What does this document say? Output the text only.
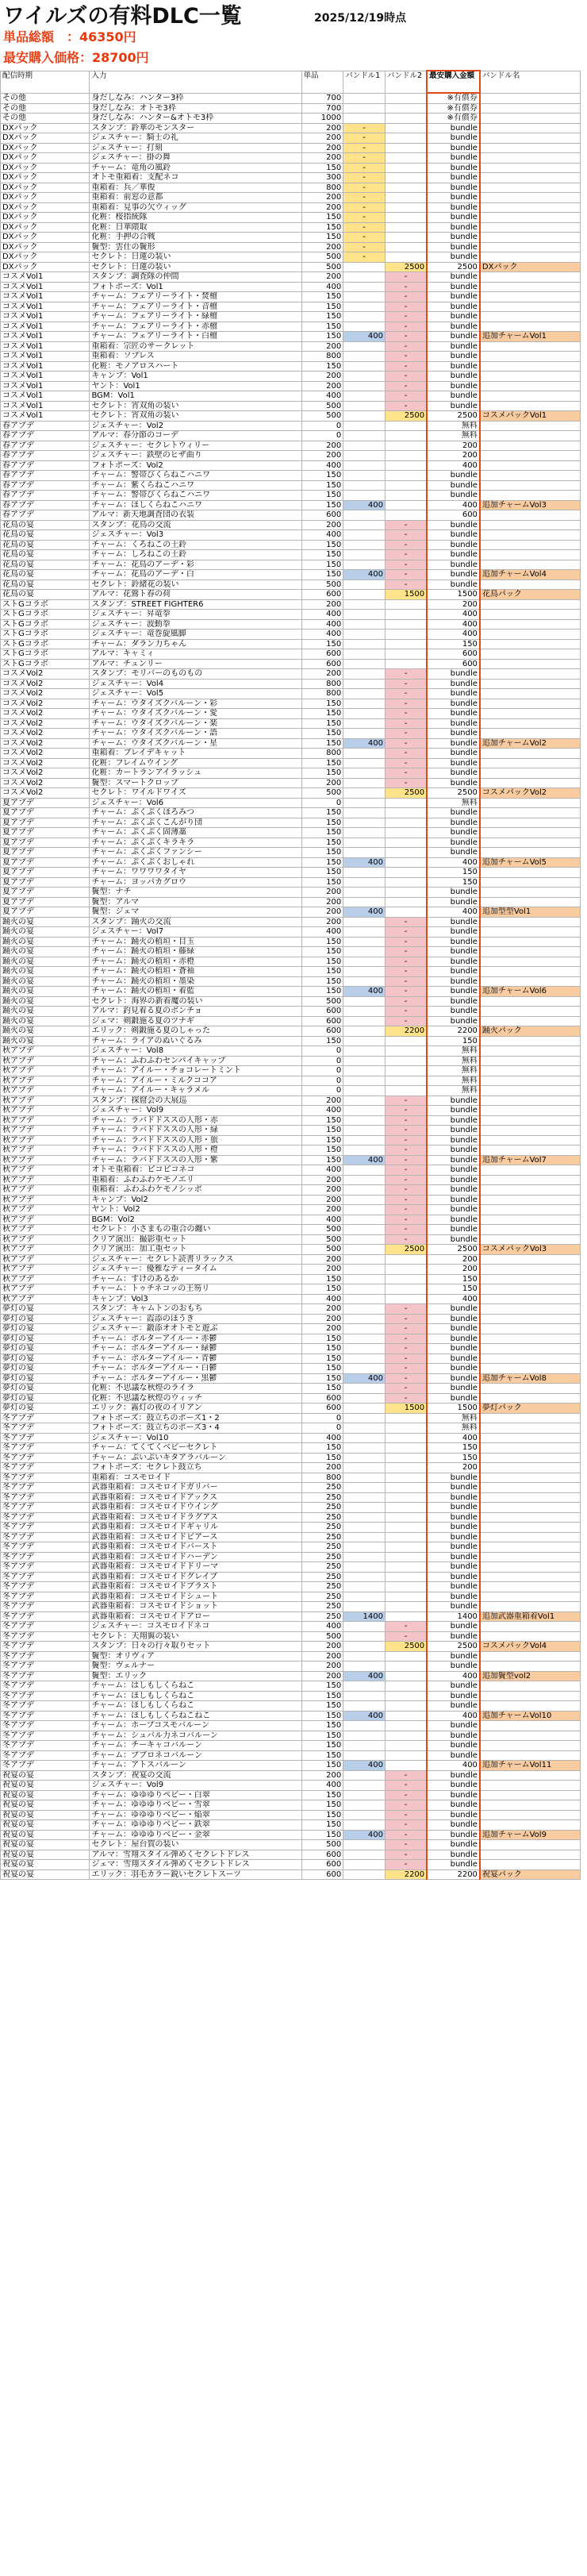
ワイルズの有料DLC一覧	2025/12/19時点
単品総額　：46350円
最安購入価格：28700円
配信時期	入力	単品	パンドル1	パンドル2	最安購入金額	バンドル名
その他	身だしなみ：ハンター3枠	700			※有償券	
その他	身だしなみ：オトモ3枠	700			※有償券	
その他	身だしなみ：ハンター&オトモ3枠	1000			※有償券	
DXパック	スタンプ：鈴華のモンスター	200	-		bundle	
DXパック	ジェスチャー：騎士の礼	200	-		bundle	
DXパック	ジェスチャー：打刻	200	-		bundle	
DXパック	ジェスチャー：掛の舞	200	-		bundle	
DXパック	チャーム：竜角の風鈴	150	-		bundle	
DXパック	オトモ重箱着：支配ネコ	300	-		bundle	
DXパック	重箱着：兵／華俊	800	-		bundle	
DXパック	重箱着：前窓の意都	200	-		bundle	
DXパック	重箱着：見事の欠ウィッグ	200	-		bundle	
DXパック	化粧：桜指統隊	150	-		bundle	
DXパック	化粧：日華隈取	150	-		bundle	
DXパック	化粧：手押の合戦	150	-		bundle	
DXパック	鬢型：雲仕の鬢形	200	-		bundle	
DXパック	セクレト：日蓮の装い	500	-		bundle	
DXパック	セクレト：日蓮の装い	500		2500	2500	DXパック
コスメVol1	スタンプ：調査隊の仲間	200		-	bundle	
コスメVol1	フォトポーズ：Vol1	400		-	bundle	
コスメVol1	チャーム：フェアリーライト・焚檀	150		-	bundle	
コスメVol1	チャーム：フェアリーライト・音檀	150		-	bundle	
コスメVol1	チャーム：フェアリーライト・緑檀	150		-	bundle	
コスメVol1	チャーム：フェアリーライト・赤檀	150		-	bundle	
コスメVol1	チャーム：フェアリーライト・白檀	150	400	-	bundle	追加チャームVol1
コスメVol1	重箱着：宗匠のサークレット	200		-	bundle	
コスメVol1	重箱着：ソプレス	800		-	bundle	
コスメVol1	化粧：モノアロスハート	150		-	bundle	
コスメVol1	キャンプ：Vol1	200		-	bundle	
コスメVol1	ヤント：Vol1	200		-	bundle	
コスメVol1	BGM：Vol1	400		-	bundle	
コスメVol1	セクレト：宵双角の装い	500		-	bundle	
コスメVol1	セクレト：宵双角の装い	500		2500	2500	コスメパックVol1
春アプデ	ジェスチャー：Vol2	0			無料	
春アプデ	アルマ：春分節のコーデ	0			無料	
春アプデ	ジェスチャー：セクレトウィリー	200			200	
春アプデ	ジェスチャー：鉄壁のヒザ曲り	200			200	
春アプデ	フォトポーズ：Vol2	400			400	
春アプデ	チャーム：警帯びくらねこハニワ	150			bundle	
春アプデ	チャーム：紫くらねこハニワ	150			bundle	
春アプデ	チャーム：警帯びくらねこハニワ	150			bundle	
春アプデ	チャーム：ほしくらねこハニワ	150	400		400	追加チャームVol3
春アプデ	アルマ：新天地調査団の衣装	600			600	
花鳥の宴	スタンプ：花鳥の交流	200		-	bundle	
花鳥の宴	ジェスチャー：Vol3	400		-	bundle	
花鳥の宴	チャーム：くろねこの土鈴	150		-	bundle	
花鳥の宴	チャーム：しろねこの土鈴	150		-	bundle	
花鳥の宴	チャーム：花鳥のアーデ・彩	150		-	bundle	
花鳥の宴	チャーム：花鳥のアーデ・白	150	400	-	bundle	追加チャームVol4
花鳥の宴	セクレト：鈴緒花の装い	500		-	bundle	
花鳥の宴	アルマ：花鶯ト春の荷	600		1500	1500	花鳥パック
ストGコラボ	スタンプ：STREET FIGHTER6	200			200	
ストGコラボ	ジェスチャー：昇竜拳	400			400	
ストGコラボ	ジェスチャー：波動拳	400			400	
ストGコラボ	ジェスチャー：竜巻旋風脚	400			400	
ストGコラボ	チャーム：ダラン力ちゃん	150			150	
ストGコラボ	アルマ：キャミィ	600			600	
ストGコラボ	アルマ：チュンリー	600			600	
コスメVol2	スタンプ：モリバーのものもの	200		-	bundle	
コスメVol2	ジェスチャー：Vol4	800		-	bundle	
コスメVol2	ジェスチャー：Vol5	800		-	bundle	
コスメVol2	チャーム：ウタイズクバルーン・彩	150		-	bundle	
コスメVol2	チャーム：ウタイズクバルーン・愛	150		-	bundle	
コスメVol2	チャーム：ウタイズクバルーン・楽	150		-	bundle	
コスメVol2	チャーム：ウタイズクバルーン・語	150		-	bundle	
コスメVol2	チャーム：ウタイズクバルーン・星	150	400	-	bundle	追加チャームVol2
コスメVol2	重箱着：ブレイデキャット	800		-	bundle	
コスメVol2	化粧：フレイムウイング	150		-	bundle	
コスメVol2	化粧：カートランアイラッシュ	150		-	bundle	
コスメVol2	鬢型：スマートクロップ	200		-	bundle	
コスメVol2	セクレト：ワイルドワイズ	500		2500	2500	コスメパックVol2
夏アプデ	ジェスチャー：Vol6	0			無料	
夏アプデ	チャーム：ぷくぷくほろみつ	150			bundle	
夏アプデ	チャーム：ぷくぷくこんがり団	150			bundle	
夏アプデ	チャーム：ぷくぷく固薄藁	150			bundle	
夏アプデ	チャーム：ぷくぷくキラキラ	150			bundle	
夏アプデ	チャーム：ぷくぷくファンシー	150			bundle	
夏アプデ	チャーム：ぷくぷくおしゃれ	150	400		400	追加チャームVol5
夏アプデ	チャーム：ワワワワタイヤ	150			150	
夏アプデ	チャーム：ヨッパカグロウ	150			150	
夏アプデ	鬢型：ナチ	200			bundle	
夏アプデ	鬢型：アルマ	200			bundle	
夏アプデ	鬢型：ジェマ	200	400		400	追加型型Vol1
踊火の宴	スタンプ：踊火の交流	200		-	bundle	
踊火の宴	ジェスチャー：Vol7	400		-	bundle	
踊火の宴	チャーム：踊火の植垣・目玉	150		-	bundle	
踊火の宴	チャーム：踊火の植垣・藤緑	150		-	bundle	
踊火の宴	チャーム：踊火の植垣・赤橙	150		-	bundle	
踊火の宴	チャーム：踊火の植垣・蒼袖	150		-	bundle	
踊火の宴	チャーム：踊火の植垣・墨染	150		-	bundle	
踊火の宴	チャーム：踊火の植垣・着藍	150	400	-	bundle	追加チャームVol6
踊火の宴	セクレト：海界の新着魔の装い	500		-	bundle	
踊火の宴	アルマ：釣見着る夏のボンチョ	600		-	bundle	
踊火の宴	ジェマ：剣鍛施る夏のツナギ	600		-	bundle	
踊火の宴	エリック：剣鍛施る夏のしゃった	600		2200	2200	踊火パック
踊火の宴	チャーム：ライアのぬいぐるみ	150			150	
秋アプデ	ジェスチャー：Vol8	0			無料	
秋アプデ	チャーム：ふわふわセンパイキャップ	0			無料	
秋アプデ	チャーム：アイルー・チョコレートミント	0			無料	
秋アプデ	チャーム：アイルー・ミルクココア	0			無料	
秋アプデ	チャーム：アイルー・キャラメル	0			無料	
秋アプデ	スタンプ：探窟会の大展巡	200		-	bundle	
秋アプデ	ジェスチャー：Vol9	400		-	bundle	
秋アプデ	チャーム：ラバドドススの人形・赤	150		-	bundle	
秋アプデ	チャーム：ラバドドススの人形・緑	150		-	bundle	
秋アプデ	チャーム：ラバドドススの人形・旅	150		-	bundle	
秋アプデ	チャーム：ラバドドススの人形・橙	150		-	bundle	
秋アプデ	チャーム：ラバドドススの人形・紫	150	400	-	bundle	追加チャームVol7
秋アプデ	オトモ重箱着：ピコピコネコ	400		-	bundle	
秋アプデ	重箱着：ふわふわケモノエリ	200		-	bundle	
秋アプデ	重箱着：ふわふわケモノシッポ	200		-	bundle	
秋アプデ	キャンプ：Vol2	200		-	bundle	
秋アプデ	ヤント：Vol2	200		-	bundle	
秋アプデ	BGM：Vol2	400		-	bundle	
秋アプデ	セクレト：小さまもの重合の纏い	500		-	bundle	
秋アプデ	クリア演出：撮影重セット	500		-	bundle	
秋アプデ	クリア演出：加工重セット	500		2500	2500	コスメパックVol3
秋アプデ	ジェスチャー：セクレト読書リラックス	200			200	
秋アプデ	ジェスチャー：優雅なティータイム	200			200	
秋アプデ	チャーム：すけのあるか	150			150	
秋アプデ	チャーム：トゥチネコッの王笏リ	150			150	
秋アプデ	キャンプ：Vol3	400			400	
夢灯の宴	スタンプ：キャムトンのおもち	200		-	bundle	
夢灯の宴	ジェスチャー：霞添のほうき	200		-	bundle	
夢灯の宴	ジェスチャー：鍛添オオトモと遊ぶ	200		-	bundle	
夢灯の宴	チャーム：ポルターアイルー・赤鬱	150		-	bundle	
夢灯の宴	チャーム：ポルターアイルー・緑鬱	150		-	bundle	
夢灯の宴	チャーム：ポルターアイルー・青鬱	150		-	bundle	
夢灯の宴	チャーム：ポルターアイルー・白鬱	150		-	bundle	
夢灯の宴	チャーム：ポルターアイルー・黒鬱	150	400	-	bundle	追加チャームVol8
夢灯の宴	化粧：不思議な秋煌のライラ	150		-	bundle	
夢灯の宴	化粧：不思議な秋煌のウィッチ	600		-	bundle	
夢灯の宴	エリック：霧灯の夜のイリアン	600		1500	1500	夢灯パック
冬アプデ	フォトポーズ：鼓立ちのポーズ1・2	0			無料	
冬アプデ	フォトポーズ：鼓立ちのポーズ3・4	0			無料	
冬アプデ	ジェスチャー：Vol10	400			400	
冬アプデ	チャーム：てくてくベビーセクレト	150			150	
冬アプデ	チャーム：ぷいぷいキタアラバルーン	150			150	
冬アプデ	フォトポーズ：セクレト鼓立ち	200			200	
冬アプデ	重箱着：コスモロイド	800			bundle	
冬アプデ	武器重箱着：コスモロイドガリバー	250			bundle	
冬アプデ	武器重箱着：コスモロイドアックス	250			bundle	
冬アプデ	武器重箱着：コスモロイドウイング	250			bundle	
冬アプデ	武器重箱着：コスモロイドラグアス	250			bundle	
冬アプデ	武器重箱着：コスモロイドギャリル	250			bundle	
冬アプデ	武器重箱着：コスモロイドビアース	250			bundle	
冬アプデ	武器重箱着：コスモロイドバースト	250			bundle	
冬アプデ	武器重箱着：コスモロイドハーデン	250			bundle	
冬アプデ	武器重箱着：コスモロイドドリーマ	250			bundle	
冬アプデ	武器重箱着：コスモロイドグレイブ	250			bundle	
冬アプデ	武器重箱着：コスモロイドブラスト	250			bundle	
冬アプデ	武器重箱着：コスモロイドシュート	250			bundle	
冬アプデ	武器重箱着：コスモロイドショット	250			bundle	
冬アプデ	武器重箱着：コスモロイドアロー	250	1400		1400	追加武器重箱着Vol1
冬アプデ	ジェスチャー：コスモロイドネコ	400		-	bundle	
冬アプデ	セクレト：天翔翼の装い	500		-	bundle	
冬アプデ	スタンプ：日々の行々取りセット	200		2500	2500	コスメパックVol4
冬アプデ	鬢型：オリヴィア	200			bundle	
冬アプデ	鬢型：ヴェルナー	200			bundle	
冬アプデ	鬢型：エリック	200	400		400	追加鬢型vol2
冬アプデ	チャーム：はしもしくらねこ	150			bundle	
冬アプデ	チャーム：ほしもしくらねこ	150			bundle	
冬アプデ	チャーム：ほしもしくらねこ	150			bundle	
冬アプデ	チャーム：ほしもしくらねこねこ	150	400		400	追加チャームVol10
冬アプデ	チャーム：ホープコスモバルーン	150			bundle	
冬アプデ	チャーム：シュバル力ネコバルーン	150			bundle	
冬アプデ	チャーム：チーキャコバルーン	150			bundle	
冬アプデ	チャーム：プブロネコバルーン	150			bundle	
冬アプデ	チャーム：アトスバルーン	150	400		400	追加チャームVol11
祝宴の宴	スタンプ：祝宴の交流	200		-	bundle	
祝宴の宴	ジェスチャー：Vol9	400		-	bundle	
祝宴の宴	チャーム：ゆゆゆりペビー・白翠	150		-	bundle	
祝宴の宴	チャーム：ゆゆゆりベビー・雪翠	150		-	bundle	
祝宴の宴	チャーム：ゆゆゆりベビー・焔翠	150		-	bundle	
祝宴の宴	チャーム：ゆゆゆりベビー・鉄翠	150		-	bundle	
祝宴の宴	チャーム：ゆゆゆりベビー・金翠	150	400	-	bundle	追加チャームVol9
祝宴の宴	セクレト：屋台賀の装い	500		-	bundle	
祝宴の宴	アルマ：雪翔スタイル弾めくセクレトドレス	600		-	bundle	
祝宴の宴	ジェマ：雪翔スタイル弾めくセクレトドレス	600		-	bundle	
祝宴の宴	エリック：羽毛カラー鋭いセクレトスーツ	600		2200	2200	祝宴パック
